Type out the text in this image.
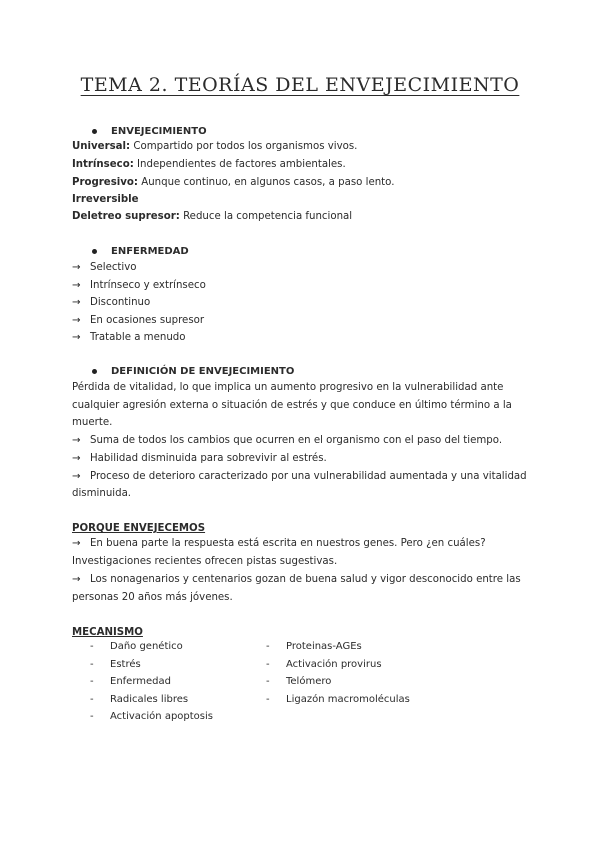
TEMA 2. TEORÍAS DEL ENVEJECIMIENTO
ENVEJECIMIENTO
Universal: Compartido por todos los organismos vivos.
Intrínseco: Independientes de factores ambientales.
Progresivo: Aunque continuo, en algunos casos, a paso lento.
Irreversible
Deletreo supresor: Reduce la competencia funcional
ENFERMEDAD
→ Selectivo
→ Intrínseco y extrínseco
→ Discontinuo
→ En ocasiones supresor
→ Tratable a menudo
DEFINICIÓN DE ENVEJECIMIENTO
Pérdida de vitalidad, lo que implica un aumento progresivo en la vulnerabilidad ante
cualquier agresión externa o situación de estrés y que conduce en último término a la
muerte.
→ Suma de todos los cambios que ocurren en el organismo con el paso del tiempo.
→ Habilidad disminuida para sobrevivir al estrés.
→ Proceso de deterioro caracterizado por una vulnerabilidad aumentada y una vitalidad
disminuida.
PORQUE ENVEJECEMOS
→ En buena parte la respuesta está escrita en nuestros genes. Pero ¿en cuáles?
Investigaciones recientes ofrecen pistas sugestivas.
→ Los nonagenarios y centenarios gozan de buena salud y vigor desconocido entre las
personas 20 años más jóvenes.
MECANISMO
- Daño genético
- Estrés
- Enfermedad
- Radicales libres
- Activación apoptosis
- Proteinas-AGEs
- Activación provirus
- Telómero
- Ligazón macromoléculas
